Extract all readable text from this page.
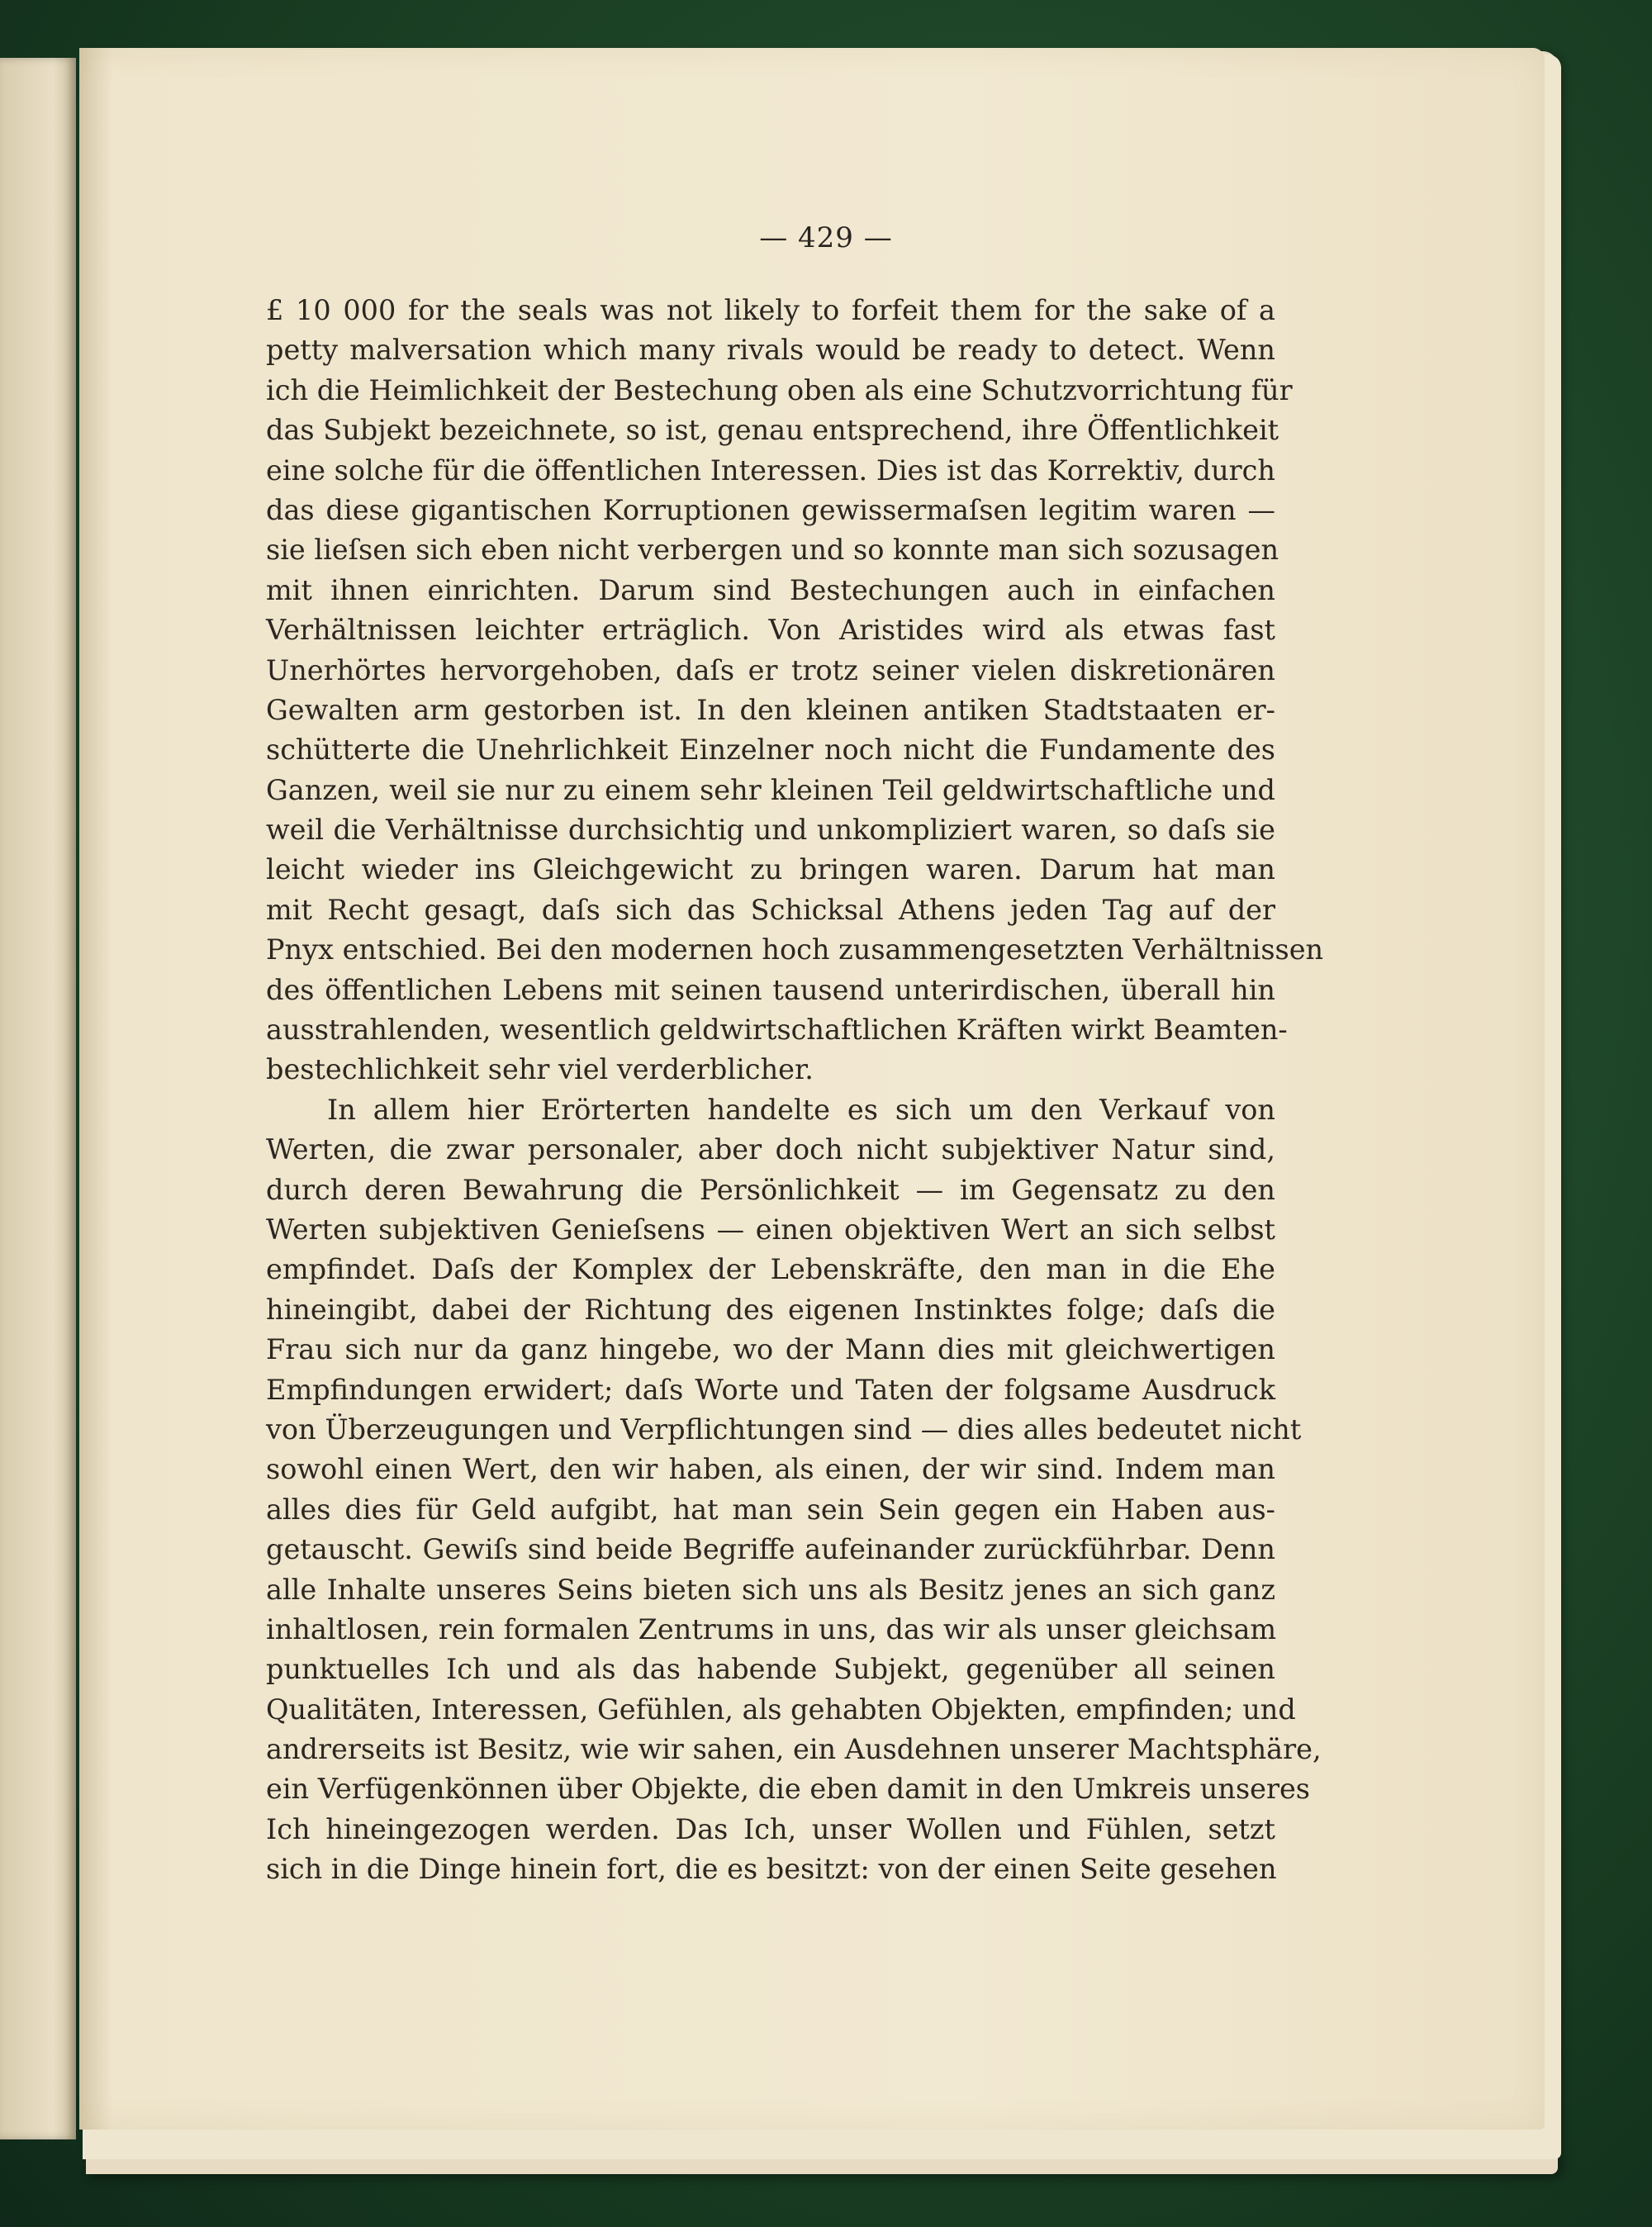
— 429 —
£ 10 000 for the seals was not likely to forfeit them for the sake of a
petty malversation which many rivals would be ready to detect. Wenn
ich die Heimlichkeit der Bestechung oben als eine Schutzvorrichtung für
das Subjekt bezeichnete, so ist, genau entsprechend, ihre Öffentlichkeit
eine solche für die öffentlichen Interessen. Dies ist das Korrektiv, durch
das diese gigantischen Korruptionen gewissermaſsen legitim waren —
sie lieſsen sich eben nicht verbergen und so konnte man sich sozusagen
mit ihnen einrichten. Darum sind Bestechungen auch in einfachen
Verhältnissen leichter erträglich. Von Aristides wird als etwas fast
Unerhörtes hervorgehoben, daſs er trotz seiner vielen diskretionären
Gewalten arm gestorben ist. In den kleinen antiken Stadtstaaten er-
schütterte die Unehrlichkeit Einzelner noch nicht die Fundamente des
Ganzen, weil sie nur zu einem sehr kleinen Teil geldwirtschaftliche und
weil die Verhältnisse durchsichtig und unkompliziert waren, so daſs sie
leicht wieder ins Gleichgewicht zu bringen waren. Darum hat man
mit Recht gesagt, daſs sich das Schicksal Athens jeden Tag auf der
Pnyx entschied. Bei den modernen hoch zusammengesetzten Verhältnissen
des öffentlichen Lebens mit seinen tausend unterirdischen, überall hin
ausstrahlenden, wesentlich geldwirtschaftlichen Kräften wirkt Beamten-
bestechlichkeit sehr viel verderblicher.
In allem hier Erörterten handelte es sich um den Verkauf von
Werten, die zwar personaler, aber doch nicht subjektiver Natur sind,
durch deren Bewahrung die Persönlichkeit — im Gegensatz zu den
Werten subjektiven Genieſsens — einen objektiven Wert an sich selbst
empfindet. Daſs der Komplex der Lebenskräfte, den man in die Ehe
hineingibt, dabei der Richtung des eigenen Instinktes folge; daſs die
Frau sich nur da ganz hingebe, wo der Mann dies mit gleichwertigen
Empfindungen erwidert; daſs Worte und Taten der folgsame Ausdruck
von Überzeugungen und Verpflichtungen sind — dies alles bedeutet nicht
sowohl einen Wert, den wir haben, als einen, der wir sind. Indem man
alles dies für Geld aufgibt, hat man sein Sein gegen ein Haben aus-
getauscht. Gewiſs sind beide Begriffe aufeinander zurückführbar. Denn
alle Inhalte unseres Seins bieten sich uns als Besitz jenes an sich ganz
inhaltlosen, rein formalen Zentrums in uns, das wir als unser gleichsam
punktuelles Ich und als das habende Subjekt, gegenüber all seinen
Qualitäten, Interessen, Gefühlen, als gehabten Objekten, empfinden; und
andrerseits ist Besitz, wie wir sahen, ein Ausdehnen unserer Machtsphäre,
ein Verfügenkönnen über Objekte, die eben damit in den Umkreis unseres
Ich hineingezogen werden. Das Ich, unser Wollen und Fühlen, setzt
sich in die Dinge hinein fort, die es besitzt: von der einen Seite gesehen
